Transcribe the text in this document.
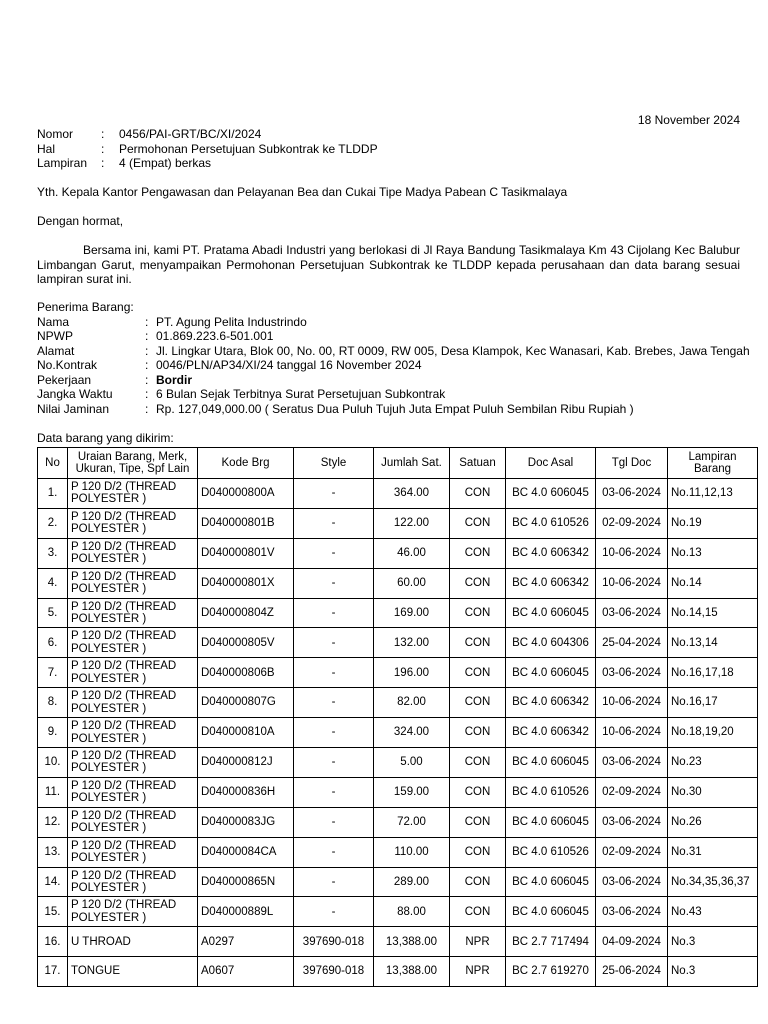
18 November 2024
Nomor : 0456/PAI-GRT/BC/XI/2024
Hal	: Permohonan Persetujuan Subkontrak ke TLDDP
Lampiran : 4 (Empat) berkas
Yth. Kepala Kantor Pengawasan dan Pelayanan Bea dan Cukai Tipe Madya Pabean C Tasikmalaya
Dengan hormat,
Bersama ini, kami PT. Pratama Abadi Industri yang berlokasi di Jl Raya Bandung Tasikmalaya Km 43 Cijolang Kec Balubur Limbangan Garut, menyampaikan Permohonan Persetujuan Subkontrak ke TLDDP kepada perusahaan dan data barang sesuai lampiran surat ini.
Penerima Barang:
Nama	: PT. Agung Pelita Industrindo
NPWP	: 01.869.223.6-501.001
Alamat	: Jl. Lingkar Utara, Blok 00, No. 00, RT 0009, RW 005, Desa Klampok, Kec Wanasari, Kab. Brebes, Jawa Tengah
No.Kontrak	: 0046/PLN/AP34/XI/24 tanggal 16 November 2024
Pekerjaan	: Bordir
Jangka Waktu	: 6 Bulan Sejak Terbitnya Surat Persetujuan Subkontrak
Nilai Jaminan	: Rp. 127,049,000.00 ( Seratus Dua Puluh Tujuh Juta Empat Puluh Sembilan Ribu Rupiah )
Data barang yang dikirim:
No	Uraian Barang, Merk, Ukuran, Tipe, Spf Lain	Kode Brg	Style	Jumlah Sat.	Satuan	Doc Asal	Tgl Doc	Lampiran Barang
1.	P 120 D/2 (THREAD POLYESTER )	D040000800A	-	364.00	CON	BC 4.0 606045	03-06-2024	No.11,12,13
2.	P 120 D/2 (THREAD POLYESTER )	D040000801B	-	122.00	CON	BC 4.0 610526	02-09-2024	No.19
3.	P 120 D/2 (THREAD POLYESTER )	D040000801V	-	46.00	CON	BC 4.0 606342	10-06-2024	No.13
4.	P 120 D/2 (THREAD POLYESTER )	D040000801X	-	60.00	CON	BC 4.0 606342	10-06-2024	No.14
5.	P 120 D/2 (THREAD POLYESTER )	D040000804Z	-	169.00	CON	BC 4.0 606045	03-06-2024	No.14,15
6.	P 120 D/2 (THREAD POLYESTER )	D040000805V	-	132.00	CON	BC 4.0 604306	25-04-2024	No.13,14
7.	P 120 D/2 (THREAD POLYESTER )	D040000806B	-	196.00	CON	BC 4.0 606045	03-06-2024	No.16,17,18
8.	P 120 D/2 (THREAD POLYESTER )	D040000807G	-	82.00	CON	BC 4.0 606342	10-06-2024	No.16,17
9.	P 120 D/2 (THREAD POLYESTER )	D040000810A	-	324.00	CON	BC 4.0 606342	10-06-2024	No.18,19,20
10.	P 120 D/2 (THREAD POLYESTER )	D040000812J	-	5.00	CON	BC 4.0 606045	03-06-2024	No.23
11.	P 120 D/2 (THREAD POLYESTER )	D040000836H	-	159.00	CON	BC 4.0 610526	02-09-2024	No.30
12.	P 120 D/2 (THREAD POLYESTER )	D04000083JG	-	72.00	CON	BC 4.0 606045	03-06-2024	No.26
13.	P 120 D/2 (THREAD POLYESTER )	D04000084CA	-	110.00	CON	BC 4.0 610526	02-09-2024	No.31
14.	P 120 D/2 (THREAD POLYESTER )	D040000865N	-	289.00	CON	BC 4.0 606045	03-06-2024	No.34,35,36,37
15.	P 120 D/2 (THREAD POLYESTER )	D040000889L	-	88.00	CON	BC 4.0 606045	03-06-2024	No.43
16.	U THROAD	A0297	397690-018	13,388.00	NPR	BC 2.7 717494	04-09-2024	No.3
17.	TONGUE	A0607	397690-018	13,388.00	NPR	BC 2.7 619270	25-06-2024	No.3
